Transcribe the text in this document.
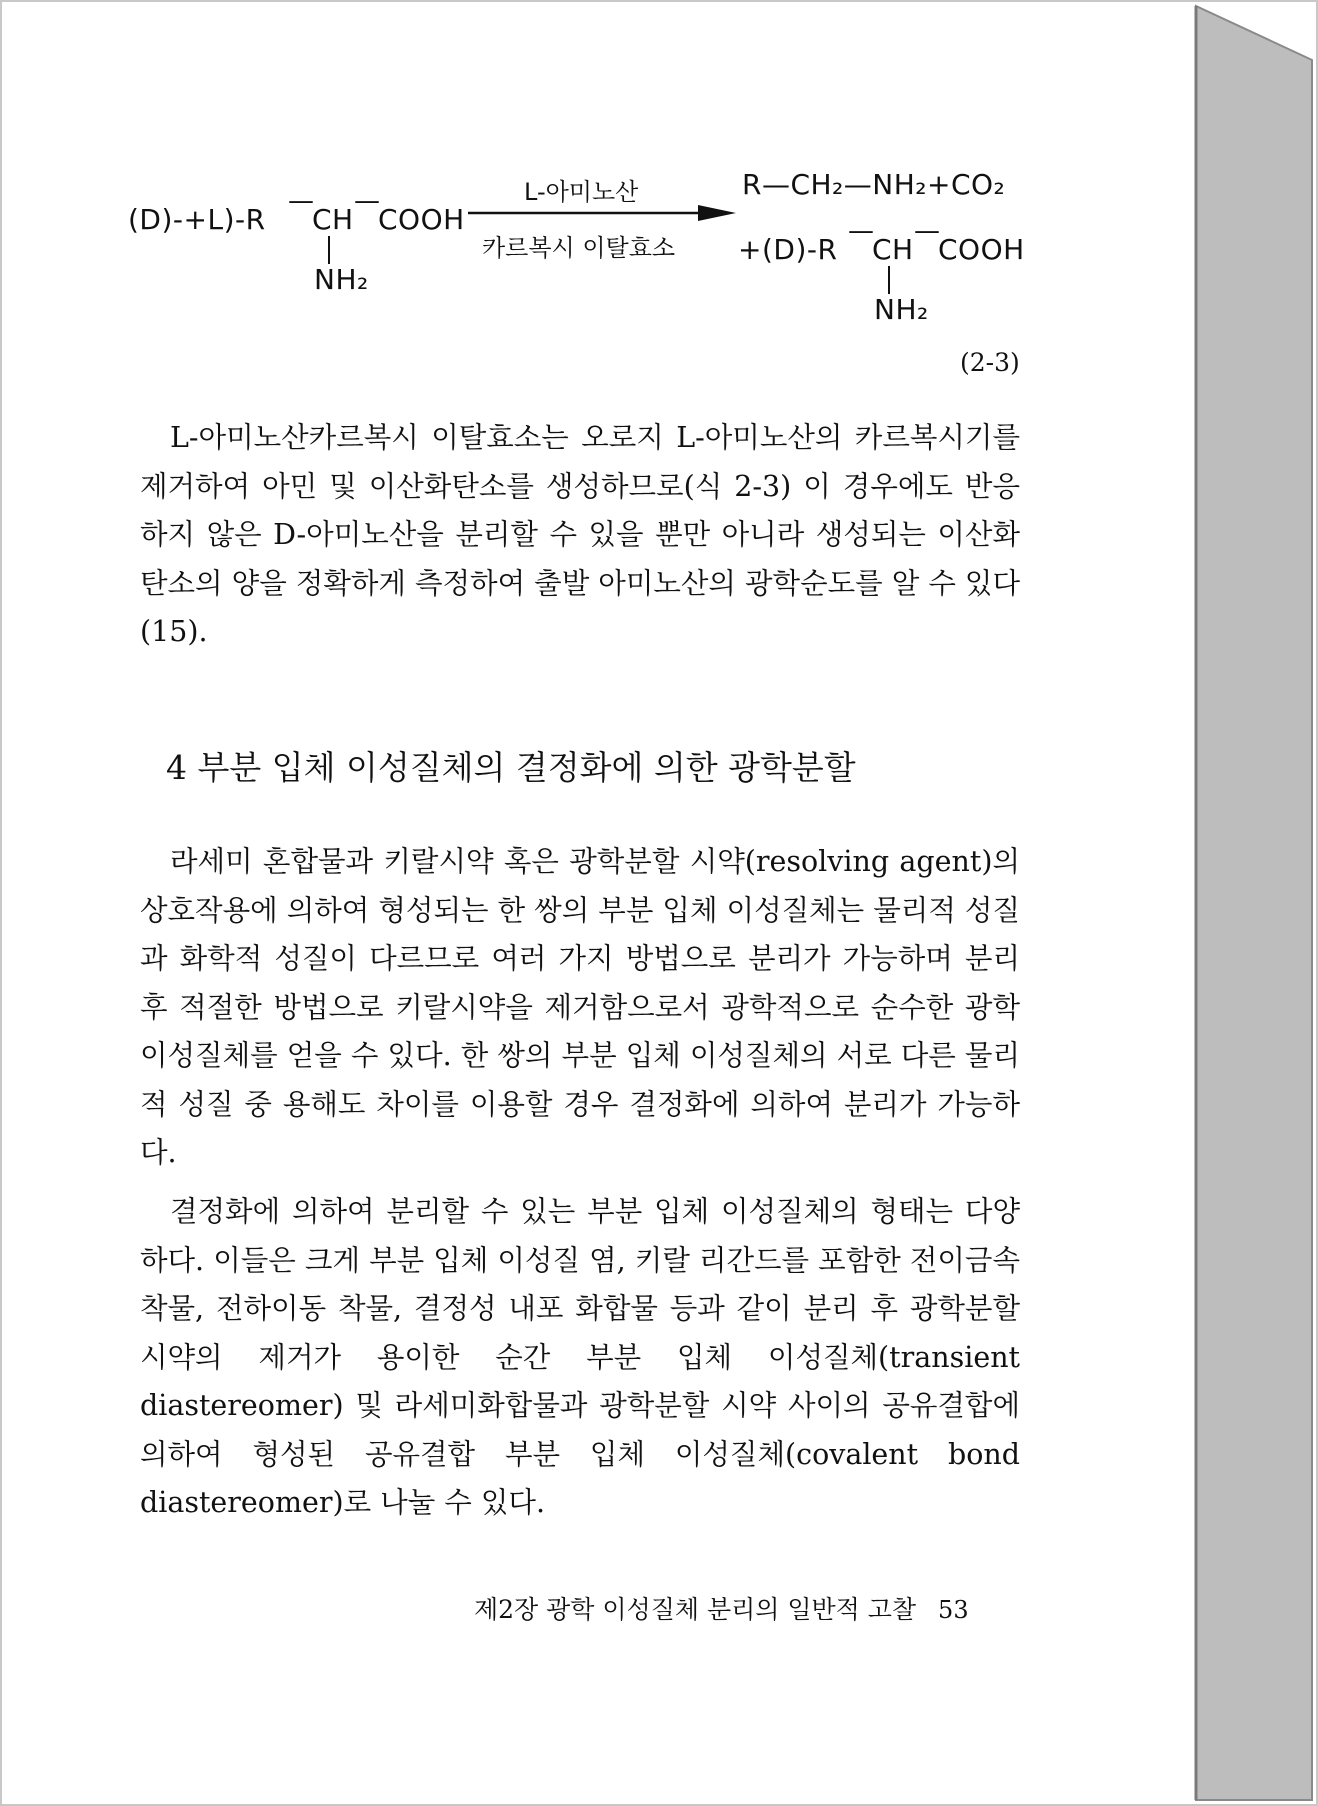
(D)-+L)-R
—
CH
—
COOH
NH₂
L-아미노산
카르복시 이탈효소
R—CH₂—NH₂+CO₂
+(D)-R
—
CH
—
COOH
NH₂
(2-3)

L-아미노산카르복시 이탈효소는 오로지 L-아미노산의 카르복시기를 제거하여 아민 및 이산화탄소를 생성하므로(식 2-3) 이 경우에도 반응하지 않은 D-아미노산을 분리할 수 있을 뿐만 아니라 생성되는 이산화탄소의 양을 정확하게 측정하여 출발 아미노산의 광학순도를 알 수 있다(15).

4 부분 입체 이성질체의 결정화에 의한 광학분할

라세미 혼합물과 키랄시약 혹은 광학분할 시약(resolving agent)의 상호작용에 의하여 형성되는 한 쌍의 부분 입체 이성질체는 물리적 성질과 화학적 성질이 다르므로 여러 가지 방법으로 분리가 가능하며 분리 후 적절한 방법으로 키랄시약을 제거함으로서 광학적으로 순수한 광학 이성질체를 얻을 수 있다. 한 쌍의 부분 입체 이성질체의 서로 다른 물리적 성질 중 용해도 차이를 이용할 경우 결정화에 의하여 분리가 가능하다.

결정화에 의하여 분리할 수 있는 부분 입체 이성질체의 형태는 다양하다. 이들은 크게 부분 입체 이성질 염, 키랄 리간드를 포함한 전이금속 착물, 전하이동 착물, 결정성 내포 화합물 등과 같이 분리 후 광학분할 시약의 제거가 용이한 순간 부분 입체 이성질체(transient diastereomer) 및 라세미화합물과 광학분할 시약 사이의 공유결합에 의하여 형성된 공유결합 부분 입체 이성질체(covalent bond diastereomer)로 나눌 수 있다.

제2장 광학 이성질체 분리의 일반적 고찰 53
